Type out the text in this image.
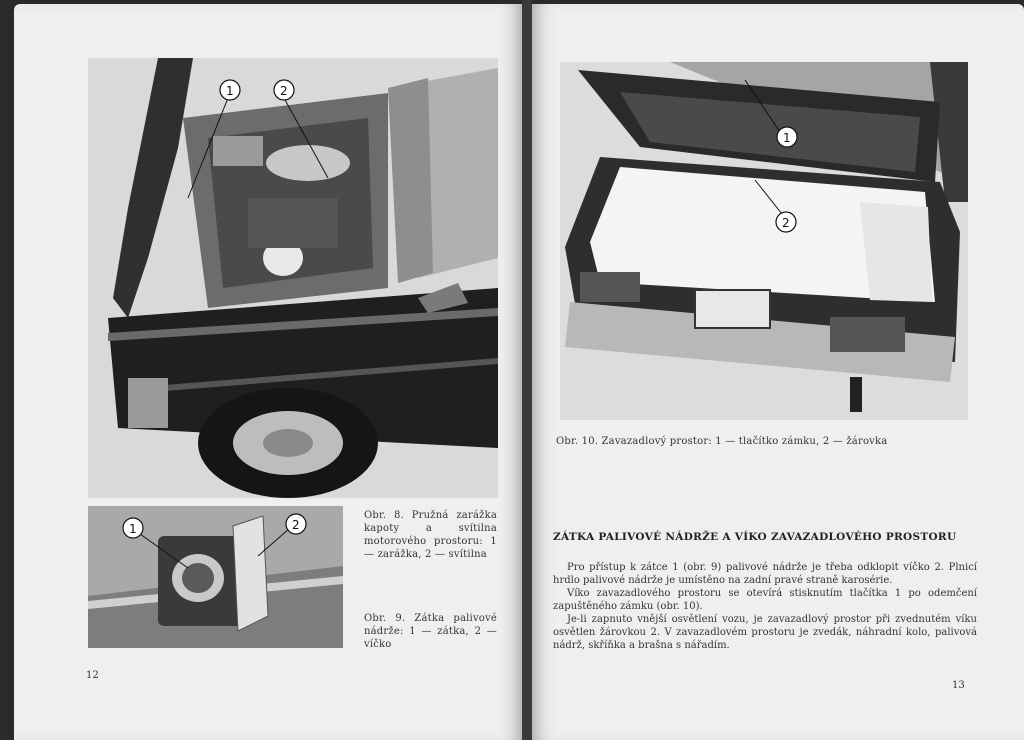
1	2
1	2
Obr. 8. Pružná zarážka kapoty a svítilna motorového prostoru: 1 — zarážka, 2 — svítilna
Obr. 9. Zátka palivové nádrže: 1 — zátka, 2 — víčko
12
1
2
Obr. 10. Zavazadlový prostor: 1 — tlačítko zámku, 2 — žárovka
ZÁTKA PALIVOVÉ NÁDRŽE A VÍKO ZAVAZADLOVÉHO PROSTORU

Pro přístup k zátce 1 (obr. 9) palivové nádrže je třeba odklopit víčko 2. Plnicí hrdlo palivové nádrže je umístěno na zadní pravé straně karosérie.

Víko zavazadlového prostoru se otevírá stisknutím tlačítka 1 po odemčení zapuštěného zámku (obr. 10).

Je-li zapnuto vnější osvětlení vozu, je zavazadlový prostor při zvednutém víku osvětlen žárovkou 2. V zavazadlovém prostoru je zvedák, náhradní kolo, palivová nádrž, skříňka a brašna s nářadím.

13
